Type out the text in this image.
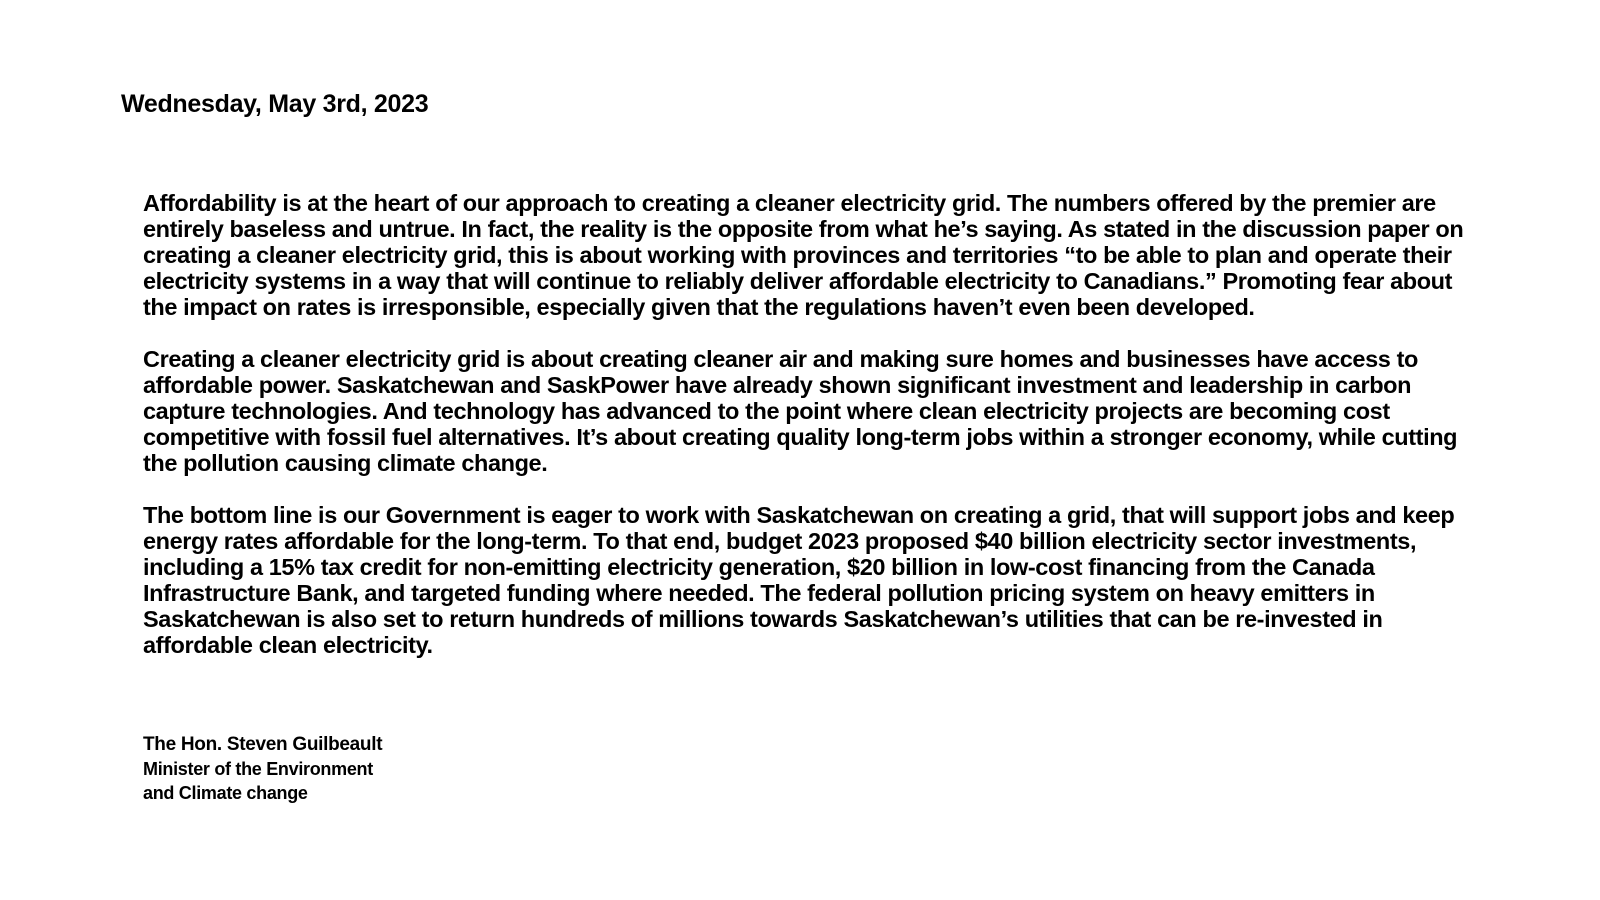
Wednesday, May 3rd, 2023

Affordability is at the heart of our approach to creating a cleaner electricity grid. The numbers offered by the premier are entirely baseless and untrue. In fact, the reality is the opposite from what he’s saying. As stated in the discussion paper on creating a cleaner electricity grid, this is about working with provinces and territories “to be able to plan and operate their electricity systems in a way that will continue to reliably deliver affordable electricity to Canadians.” Promoting fear about the impact on rates is irresponsible, especially given that the regulations haven’t even been developed.

Creating a cleaner electricity grid is about creating cleaner air and making sure homes and businesses have access to affordable power. Saskatchewan and SaskPower have already shown significant investment and leadership in carbon capture technologies. And technology has advanced to the point where clean electricity projects are becoming cost competitive with fossil fuel alternatives. It’s about creating quality long-term jobs within a stronger economy, while cutting the pollution causing climate change.

The bottom line is our Government is eager to work with Saskatchewan on creating a grid, that will support jobs and keep energy rates affordable for the long-term. To that end, budget 2023 proposed $40 billion electricity sector investments, including a 15% tax credit for non-emitting electricity generation, $20 billion in low-cost financing from the Canada Infrastructure Bank, and targeted funding where needed. The federal pollution pricing system on heavy emitters in Saskatchewan is also set to return hundreds of millions towards Saskatchewan’s utilities that can be re-invested in affordable clean electricity.

The Hon. Steven Guilbeault
Minister of the Environment
and Climate change
